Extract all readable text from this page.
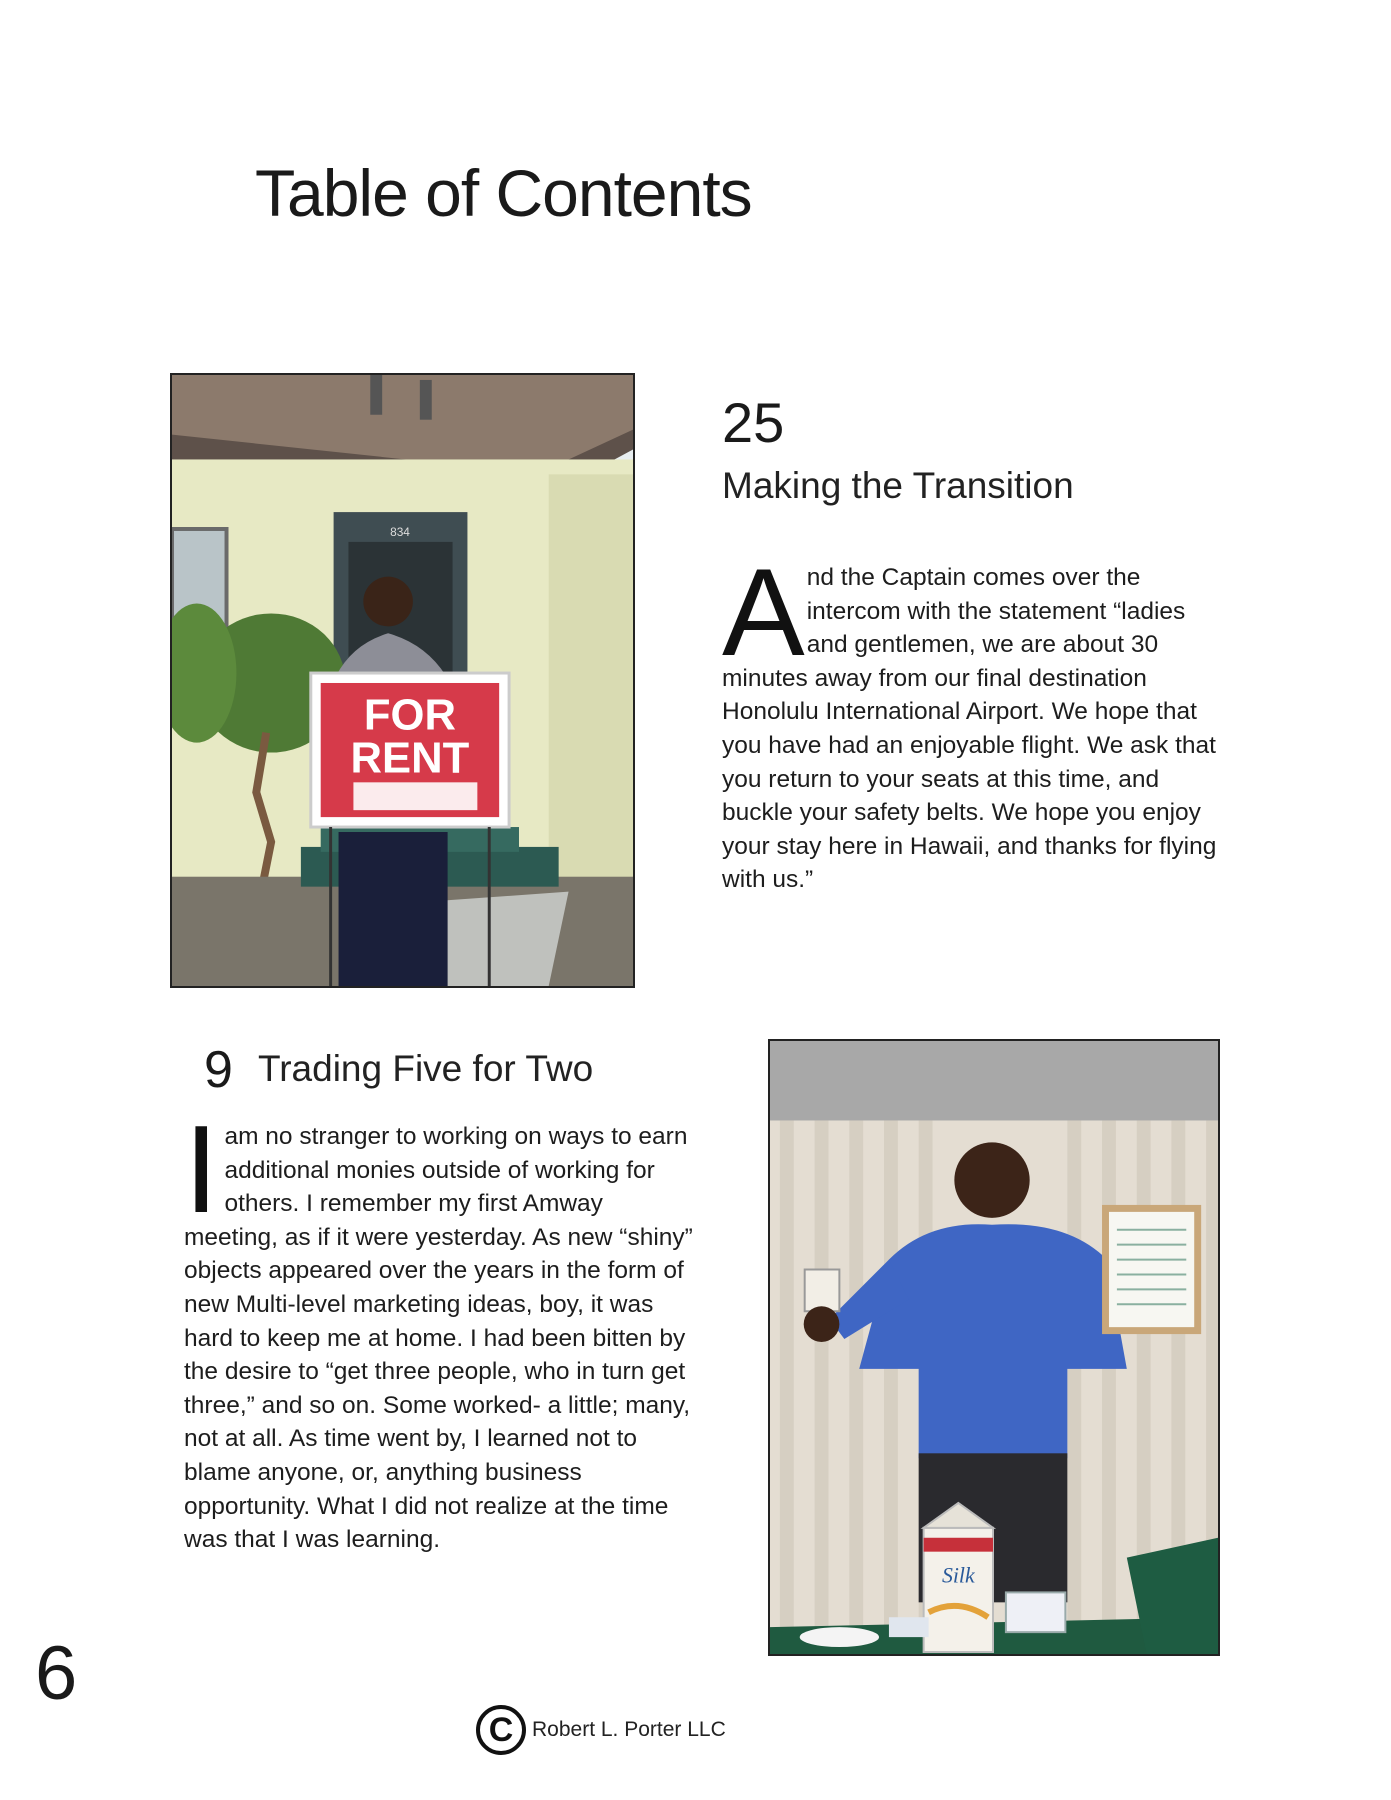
Table of Contents
834
FOR
RENT
25
Making the Transition

And the Captain comes over the intercom with the statement “ladies and gentlemen, we are about 30 minutes away from our final destination Honolulu International Airport. We hope that you have had an enjoyable flight. We ask that you return to your seats at this time, and buckle your safety belts. We hope you enjoy your stay here in Hawaii, and thanks for flying with us.”

9 Trading Five for Two

Iam no stranger to working on ways to earn additional monies outside of working for others. I remember my first Amway meeting, as if it were yesterday. As new “shiny” objects appeared over the years in the form of new Multi-level marketing ideas, boy, it was hard to keep me at home. I had been bitten by the desire to “get three people, who in turn get three,” and so on. Some worked- a little; many, not at all. As time went by, I learned not to blame anyone, or, anything business opportunity. What I did not realize at the time was that I was learning.

Silk

6

C Robert L. Porter LLC
